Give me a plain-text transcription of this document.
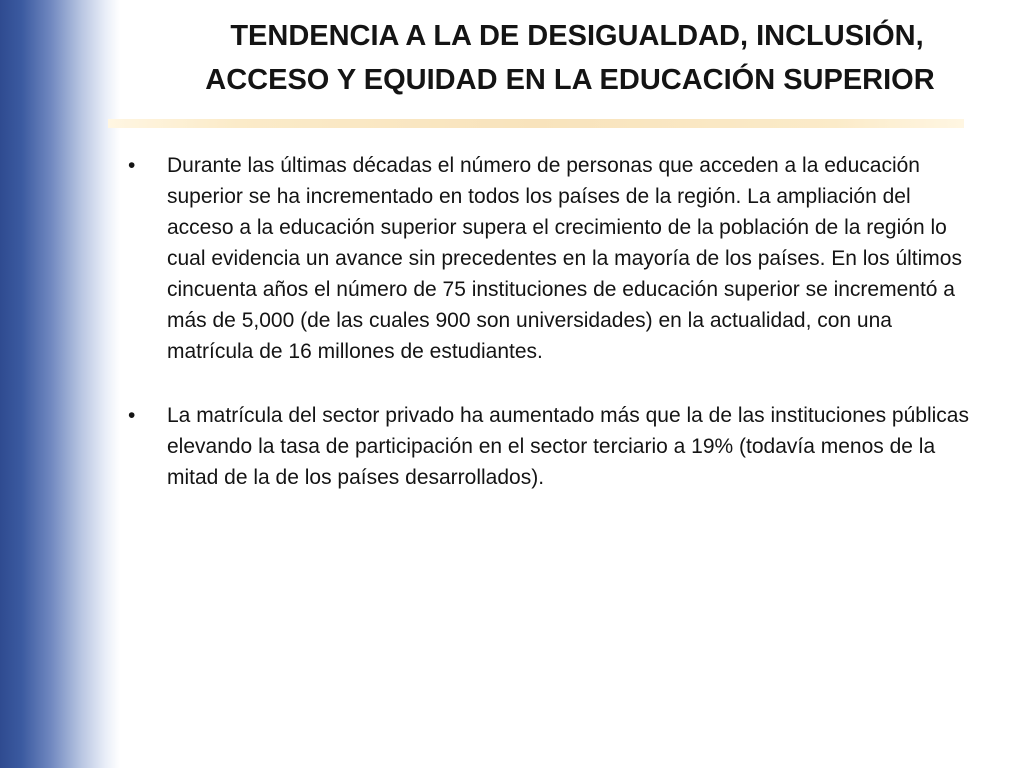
TENDENCIA A LA DE DESIGUALDAD, INCLUSIÓN,
ACCESO Y EQUIDAD EN LA EDUCACIÓN SUPERIOR
•	Durante las últimas décadas el número de personas que acceden a la educación superior se ha incrementado en todos los países de la región. La ampliación del acceso a la educación superior supera el crecimiento de la población de la región lo cual evidencia un avance sin precedentes en la mayoría de los países. En los últimos cincuenta años el número de 75 instituciones de educación superior se incrementó a más de 5,000 (de las cuales 900 son universidades) en la actualidad, con una matrícula de 16 millones de estudiantes.
•	La matrícula del sector privado ha aumentado más que la de las instituciones públicas elevando la tasa de participación en el sector terciario a 19% (todavía menos de la mitad de la de los países desarrollados).
